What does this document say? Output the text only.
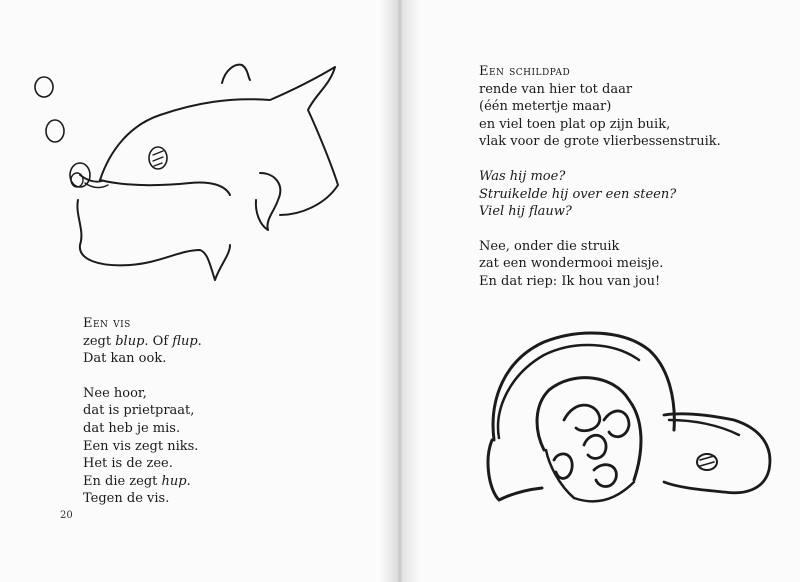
Een vis

zegt blup. Of flup.

Dat kan ook.

Nee hoor,

dat is prietpraat,

dat heb je mis.

Een vis zegt niks.

Het is de zee.

En die zegt hup.

Tegen de vis.

20

Een schildpad

rende van hier tot daar

(één metertje maar)

en viel toen plat op zijn buik,

vlak voor de grote vlierbessenstruik.

Was hij moe?

Struikelde hij over een steen?

Viel hij flauw?

Nee, onder die struik

zat een wondermooi meisje.

En dat riep: Ik hou van jou!
